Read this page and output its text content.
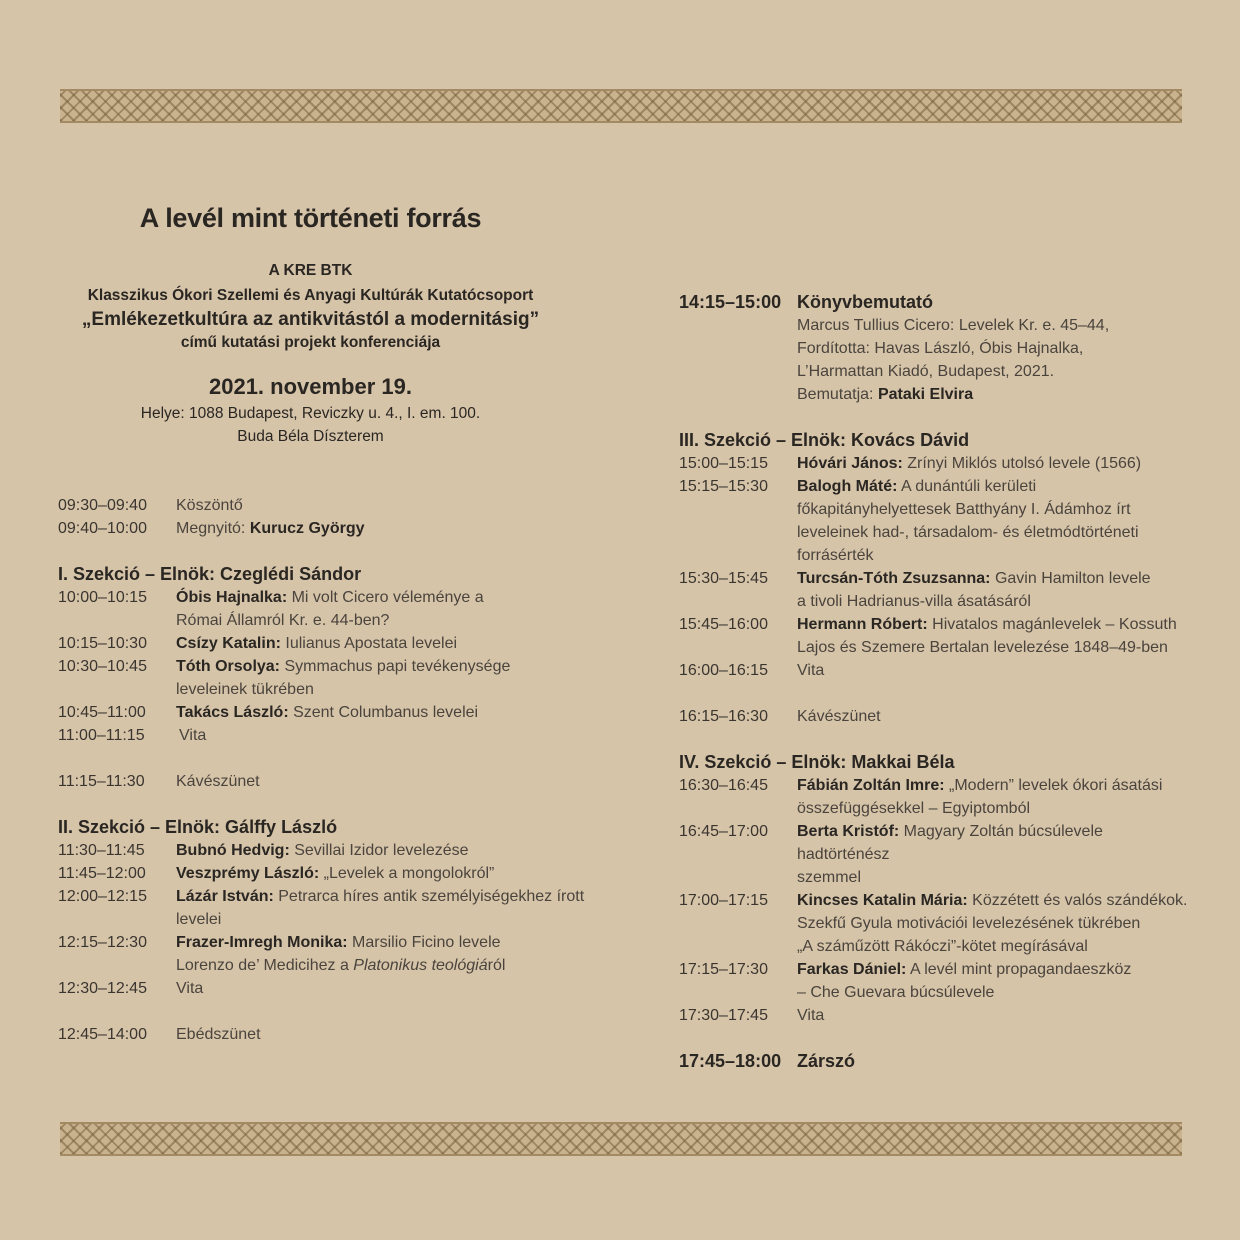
A levél mint történeti forrás
A KRE BTK
Klasszikus Ókori Szellemi és Anyagi Kultúrák Kutatócsoport
„Emlékezetkultúra az antikvitástól a modernitásig”
című kutatási projekt konferenciája
2021. november 19.
Helye: 1088 Budapest, Reviczky u. 4., I. em. 100.
Buda Béla Díszterem
09:30–09:40	Köszöntő
09:40–10:00	Megnyitó: Kurucz György
I. Szekció – Elnök: Czeglédi Sándor
10:00–10:15	Óbis Hajnalka: Mi volt Cicero véleménye a
Római Államról Kr. e. 44-ben?
10:15–10:30	Csízy Katalin: Iulianus Apostata levelei
10:30–10:45	Tóth Orsolya: Symmachus papi tevékenysége
leveleinek tükrében
10:45–11:00	Takács László: Szent Columbanus levelei
11:00–11:15	Vita
11:15–11:30	Kávészünet
II. Szekció – Elnök: Gálffy László
11:30–11:45	Bubnó Hedvig: Sevillai Izidor levelezése
11:45–12:00	Veszprémy László: „Levelek a mongolokról”
12:00–12:15	Lázár István: Petrarca híres antik személyiségekhez írott
levelei
12:15–12:30	Frazer-Imregh Monika: Marsilio Ficino levele
Lorenzo de’ Medicihez a Platonikus teológiáról
12:30–12:45	Vita
12:45–14:00	Ebédszünet
14:15–15:00 Könyvbemutató
Marcus Tullius Cicero: Levelek Kr. e. 45–44,
Fordította: Havas László, Óbis Hajnalka,
L’Harmattan Kiadó, Budapest, 2021.
Bemutatja: Pataki Elvira
III. Szekció – Elnök: Kovács Dávid
15:00–15:15	Hóvári János: Zrínyi Miklós utolsó levele (1566)
15:15–15:30	Balogh Máté: A dunántúli kerületi
főkapitányhelyettesek Batthyány I. Ádámhoz írt
leveleinek had-, társadalom- és életmódtörténeti
forrásérték
15:30–15:45	Turcsán-Tóth Zsuzsanna: Gavin Hamilton levele
a tivoli Hadrianus-villa ásatásáról
15:45–16:00	Hermann Róbert: Hivatalos magánlevelek – Kossuth
Lajos és Szemere Bertalan levelezése 1848–49-ben
16:00–16:15	Vita
16:15–16:30	Kávészünet
IV. Szekció – Elnök: Makkai Béla
16:30–16:45	Fábián Zoltán Imre: „Modern” levelek ókori ásatási
összefüggésekkel – Egyiptomból
16:45–17:00	Berta Kristóf: Magyary Zoltán búcsúlevele hadtörténész
szemmel
17:00–17:15	Kincses Katalin Mária: Közzétett és valós szándékok.
Szekfű Gyula motivációi levelezésének tükrében
„A száműzött Rákóczi”-kötet megírásával
17:15–17:30	Farkas Dániel: A levél mint propagandaeszköz
– Che Guevara búcsúlevele
17:30–17:45	Vita
17:45–18:00 Zárszó
